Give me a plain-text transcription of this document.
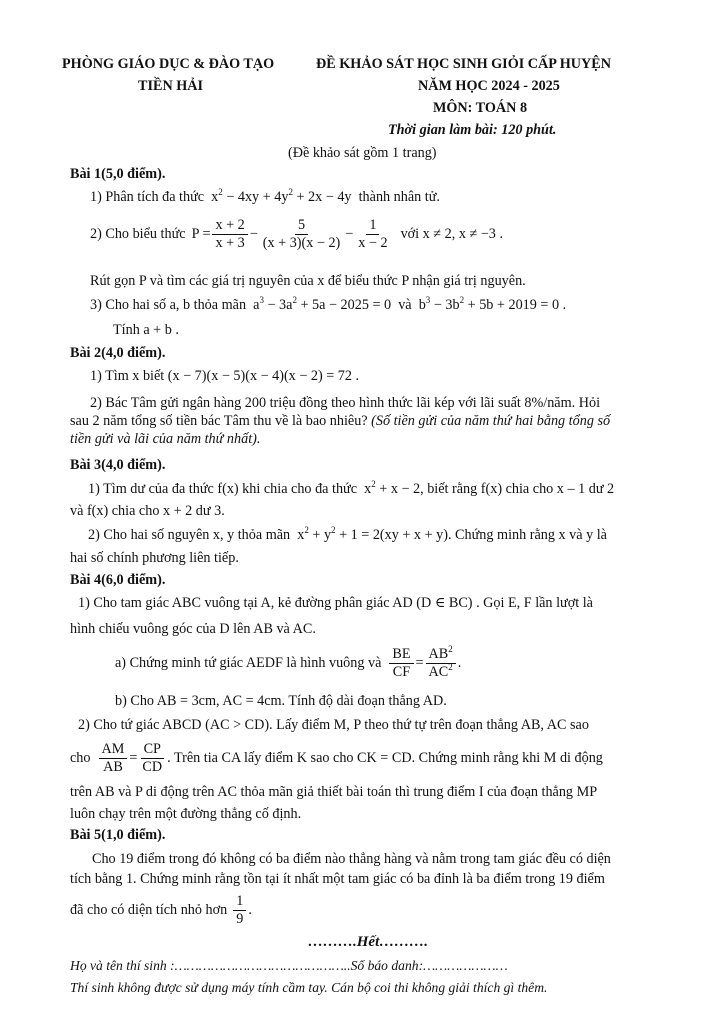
PHÒNG GIÁO DỤC & ĐÀO TẠO
TIỀN HẢI
ĐỀ KHẢO SÁT HỌC SINH GIỎI CẤP HUYỆN
NĂM HỌC 2024 - 2025
MÔN: TOÁN 8
Thời gian làm bài: 120 phút.
(Đề khảo sát gồm 1 trang)
Bài 1(5,0 điểm).
1) Phân tích đa thức  $x^2 - 4xy + 4y^2 + 2x - 4y$  thành nhân tử.
2) Cho biểu thức $P = \frac{x + 2}{x + 3} - \frac{5}{(x + 3)(x - 2)} - \frac{1}{x - 2}$ với x ≠ 2, x ≠ −3 .
Rút gọn P và tìm các giá trị nguyên của x để biểu thức P nhận giá trị nguyên.
3) Cho hai số a, b thỏa mãn  $a^3 - 3a^2 + 5a - 2025 = 0$  và  $b^3 - 3b^2 + 5b + 2019 = 0$ .
Tính a + b .
Bài 2(4,0 điểm).
1) Tìm x biết (x − 7)(x − 5)(x − 4)(x − 2) = 72 .
2) Bác Tâm gửi ngân hàng 200 triệu đồng theo hình thức lãi kép với lãi suất 8%/năm. Hỏi
sau 2 năm tổng số tiền bác Tâm thu về là bao nhiêu? (Số tiền gửi của năm thứ hai bằng tổng số
tiền gửi và lãi của năm thứ nhất).
Bài 3(4,0 điểm).
1) Tìm dư của đa thức f(x) khi chia cho đa thức  $x^2 + x - 2$, biết rằng f(x) chia cho x – 1 dư 2
và f(x) chia cho x + 2 dư 3.
2) Cho hai số nguyên x, y thỏa mãn  $x^2 + y^2 + 1 = 2(xy + x + y)$. Chứng minh rằng x và y là
hai số chính phương liên tiếp.
Bài 4(6,0 điểm).
1) Cho tam giác ABC vuông tại A, kẻ đường phân giác AD (D ∈ BC) . Gọi E, F lần lượt là
hình chiếu vuông góc của D lên AB và AC.
a) Chứng minh tứ giác AEDF là hình vuông và $\frac{BE}{CF} = \frac{AB^2}{AC^2}$ .
b) Cho AB = 3cm, AC = 4cm. Tính độ dài đoạn thẳng AD.
2) Cho tứ giác ABCD (AC > CD). Lấy điểm M, P theo thứ tự trên đoạn thẳng AB, AC sao
cho $\frac{AM}{AB} = \frac{CP}{CD}$ . Trên tia CA lấy điểm K sao cho CK = CD. Chứng minh rằng khi M di động
trên AB và P di động trên AC thỏa mãn giả thiết bài toán thì trung điểm I của đoạn thẳng MP
luôn chạy trên một đường thẳng cố định.
Bài 5(1,0 điểm).
Cho 19 điểm trong đó không có ba điểm nào thẳng hàng và nằm trong tam giác đều có diện
tích bằng 1. Chứng minh rằng tồn tại ít nhất một tam giác có ba đỉnh là ba điểm trong 19 điểm
đã cho có diện tích nhỏ hơn $\frac{1}{9}$ .
……….Hết……….
Họ và tên thí sinh :……………………………………..Số báo danh:…………………
Thí sinh không được sử dụng máy tính cầm tay. Cán bộ coi thi không giải thích gì thêm.
